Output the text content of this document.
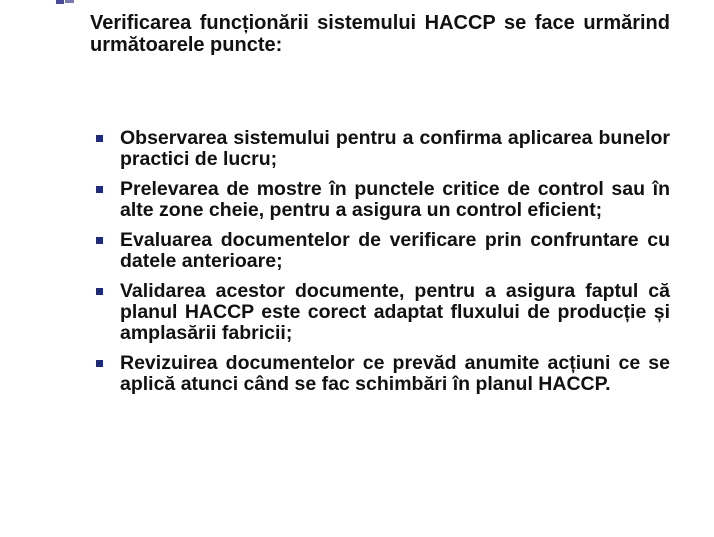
Verificarea funcționării sistemului HACCP se face urmărind următoarele puncte:

Observarea sistemului pentru a confirma aplicarea bunelor practici de lucru;
Prelevarea de mostre în punctele critice de control sau în alte zone cheie, pentru a asigura un control eficient;
Evaluarea documentelor de verificare prin confruntare cu datele anterioare;
Validarea acestor documente, pentru a asigura faptul că planul HACCP este corect adaptat fluxului de producție și amplasării fabricii;
Revizuirea documentelor ce prevăd anumite acțiuni ce se aplică atunci când se fac schimbări în planul HACCP.
